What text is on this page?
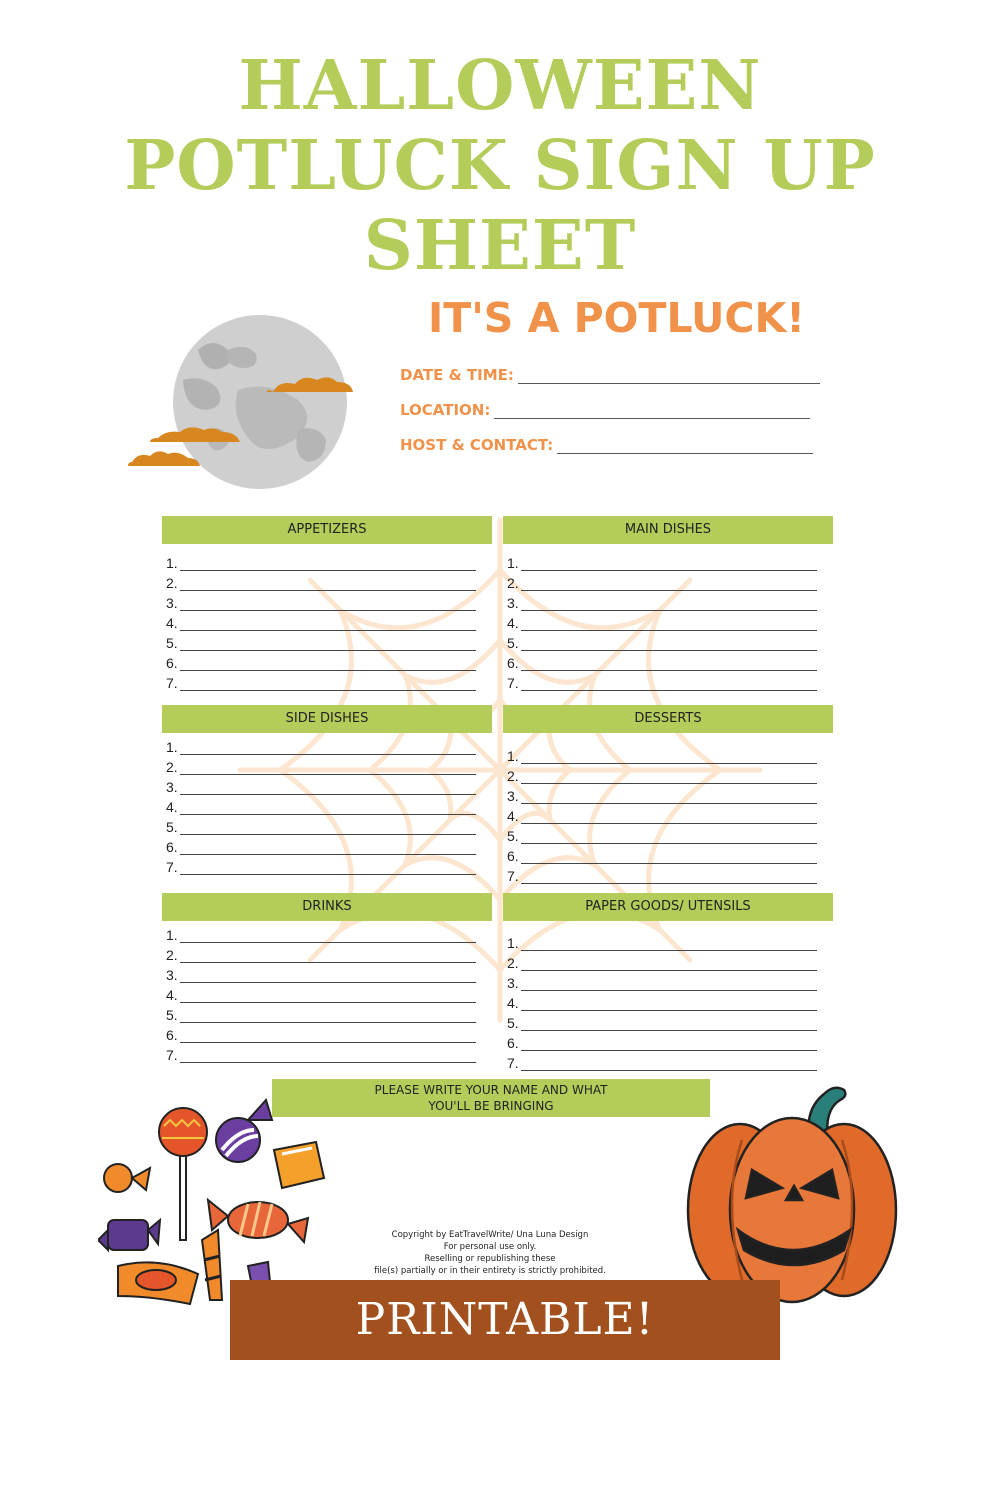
HALLOWEEN
POTLUCK SIGN UP
SHEET
IT'S A POTLUCK!
DATE & TIME:
LOCATION:
HOST & CONTACT:
APPETIZERS
1.
2.
3.
4.
5.
6.
7.
MAIN DISHES
1.
2.
3.
4.
5.
6.
7.
SIDE DISHES
1.
2.
3.
4.
5.
6.
7.
DESSERTS
1.
2.
3.
4.
5.
6.
7.
DRINKS
1.
2.
3.
4.
5.
6.
7.
PAPER GOODS/ UTENSILS
1.
2.
3.
4.
5.
6.
7.
PLEASE WRITE YOUR NAME AND WHAT
YOU'LL BE BRINGING
Copyright by EatTravelWrite/ Una Luna Design
For personal use only.
Reselling or republishing these
file(s) partially or in their entirety is strictly prohibited.
PRINTABLE!
